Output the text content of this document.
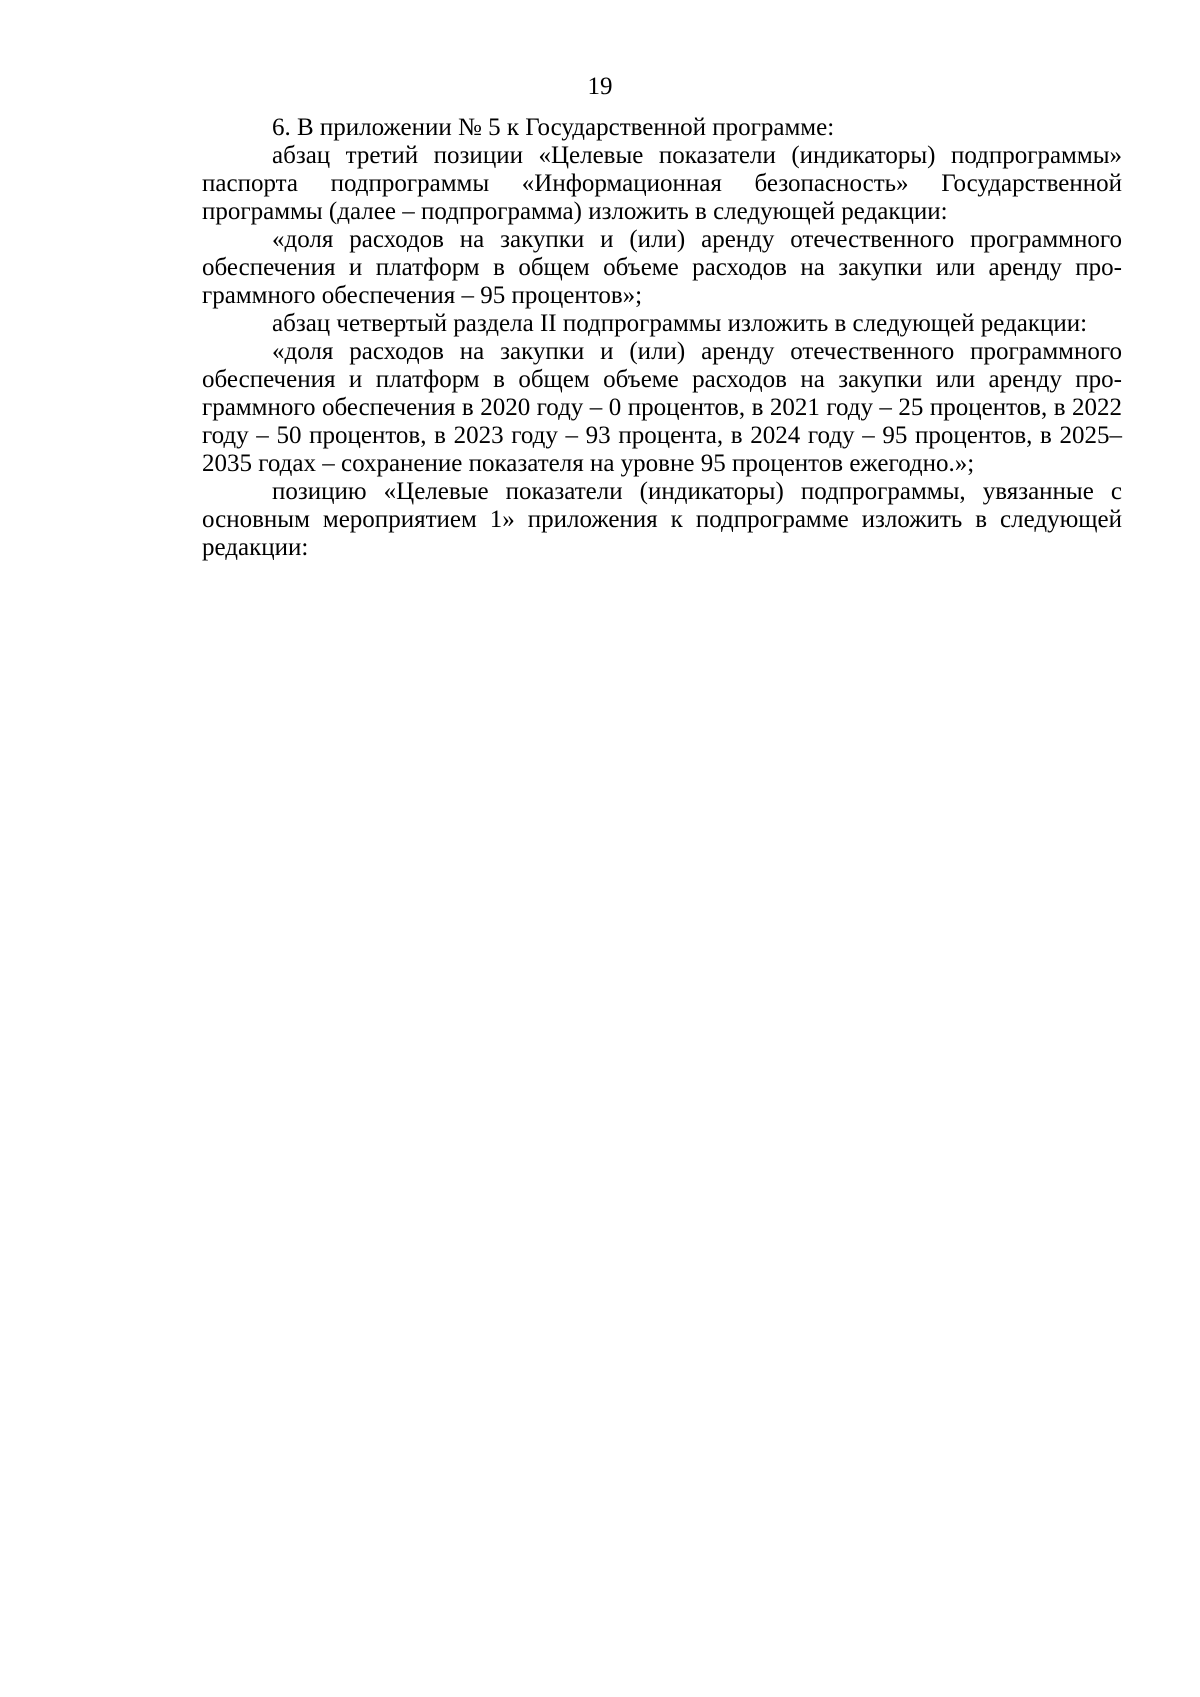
19

6. В приложении № 5 к Государственной программе:

абзац третий позиции «Целевые показатели (индикаторы) подпрограммы» паспорта подпрограммы «Информационная безопасность» Государственной программы (далее – подпрограмма) изложить в следующей редакции:

«доля расходов на закупки и (или) аренду отечественного программного обеспечения и платформ в общем объеме расходов на закупки или аренду программного обеспечения – 95 процентов»;

абзац четвертый раздела II подпрограммы изложить в следующей редакции:

«доля расходов на закупки и (или) аренду отечественного программного обеспечения и платформ в общем объеме расходов на закупки или аренду программного обеспечения в 2020 году – 0 процентов, в 2021 году – 25 процентов, в 2022 году – 50 процентов, в 2023 году – 93 процента, в 2024 году – 95 процентов, в 2025–2035 годах – сохранение показателя на уровне 95 процентов ежегодно.»;

позицию «Целевые показатели (индикаторы) подпрограммы, увязанные с основным мероприятием 1» приложения к подпрограмме изложить в следующей редакции:
